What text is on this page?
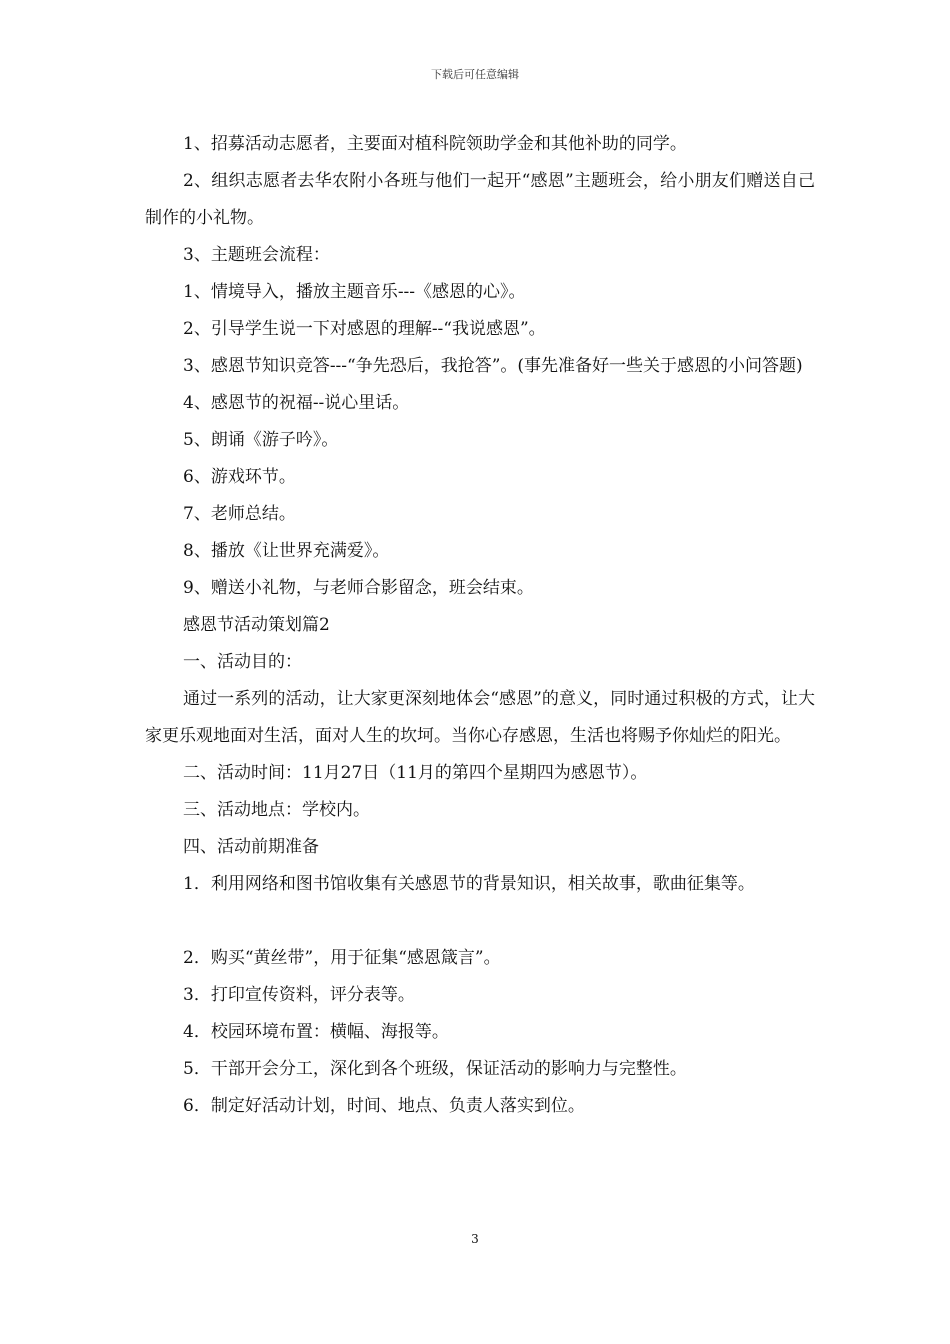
下载后可任意编辑

1、招募活动志愿者，主要面对植科院领助学金和其他补助的同学。

2、组织志愿者去华农附小各班与他们一起开“感恩”主题班会，给小朋友们赠送自己制作的小礼物。

3、主题班会流程：

1、情境导入，播放主题音乐---《感恩的心》。

2、引导学生说一下对感恩的理解--“我说感恩”。

3、感恩节知识竞答---“争先恐后，我抢答”。(事先准备好一些关于感恩的小问答题)

4、感恩节的祝福--说心里话。

5、朗诵《游子吟》。

6、游戏环节。

7、老师总结。

8、播放《让世界充满爱》。

9、赠送小礼物，与老师合影留念，班会结束。

感恩节活动策划篇2

一、活动目的：

通过一系列的活动，让大家更深刻地体会“感恩”的意义，同时通过积极的方式，让大家更乐观地面对生活，面对人生的坎坷。当你心存感恩，生活也将赐予你灿烂的阳光。

二、活动时间：11月27日（11月的第四个星期四为感恩节）。

三、活动地点：学校内。

四、活动前期准备

1．利用网络和图书馆收集有关感恩节的背景知识，相关故事，歌曲征集等。

2．购买“黄丝带”，用于征集“感恩箴言”。

3．打印宣传资料，评分表等。

4．校园环境布置：横幅、海报等。

5．干部开会分工，深化到各个班级，保证活动的影响力与完整性。

6．制定好活动计划，时间、地点、负责人落实到位。

3
